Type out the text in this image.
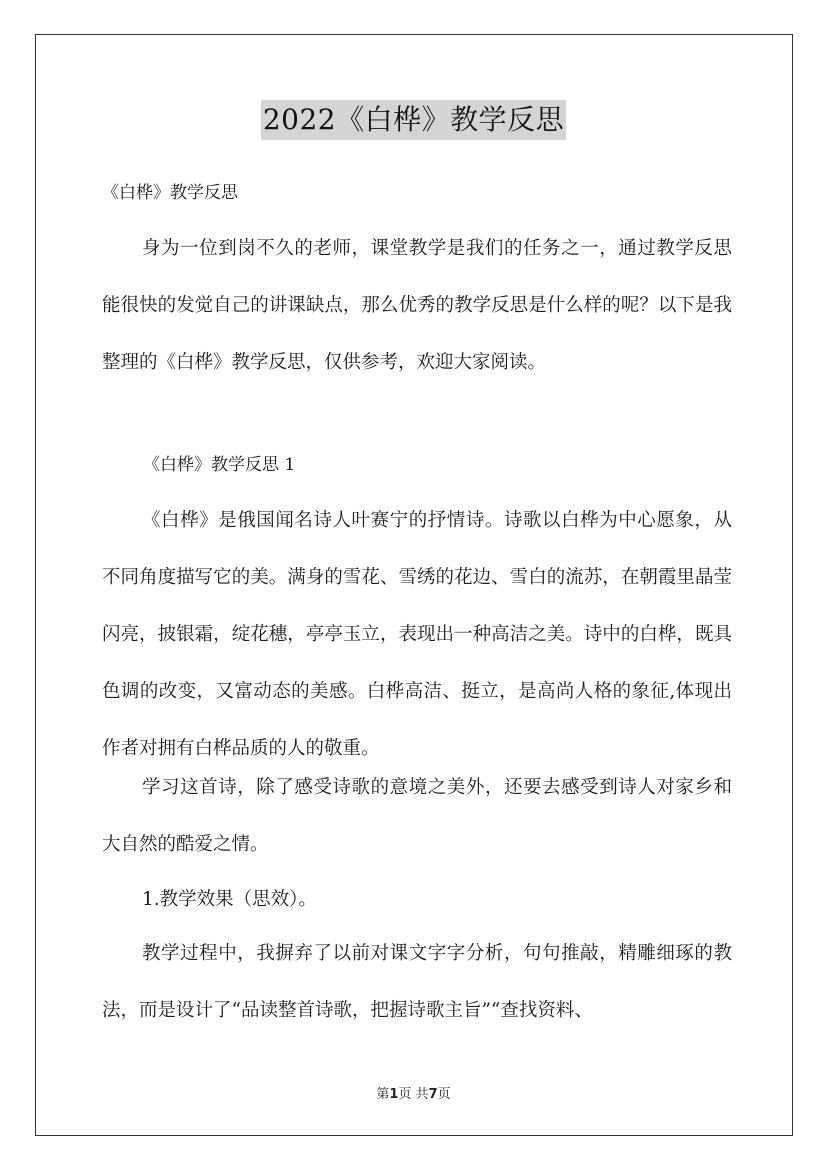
2022《白桦》教学反思
《白桦》教学反思

身为一位到岗不久的老师，课堂教学是我们的任务之一，通过教学反思能很快的发觉自己的讲课缺点，那么优秀的教学反思是什么样的呢？以下是我整理的《白桦》教学反思，仅供参考，欢迎大家阅读。

《白桦》教学反思 1

《白桦》是俄国闻名诗人叶赛宁的抒情诗。诗歌以白桦为中心愿象，从不同角度描写它的美。满身的雪花、雪绣的花边、雪白的流苏，在朝霞里晶莹闪亮，披银霜，绽花穗，亭亭玉立，表现出一种高洁之美。诗中的白桦，既具色调的改变，又富动态的美感。白桦高洁、挺立，是高尚人格的象征,体现出作者对拥有白桦品质的人的敬重。

学习这首诗，除了感受诗歌的意境之美外，还要去感受到诗人对家乡和大自然的酷爱之情。

1.教学效果（思效）。

教学过程中，我摒弃了以前对课文字字分析，句句推敲，精雕细琢的教法，而是设计了“品读整首诗歌，把握诗歌主旨”“查找资料、

第1页 共7页
